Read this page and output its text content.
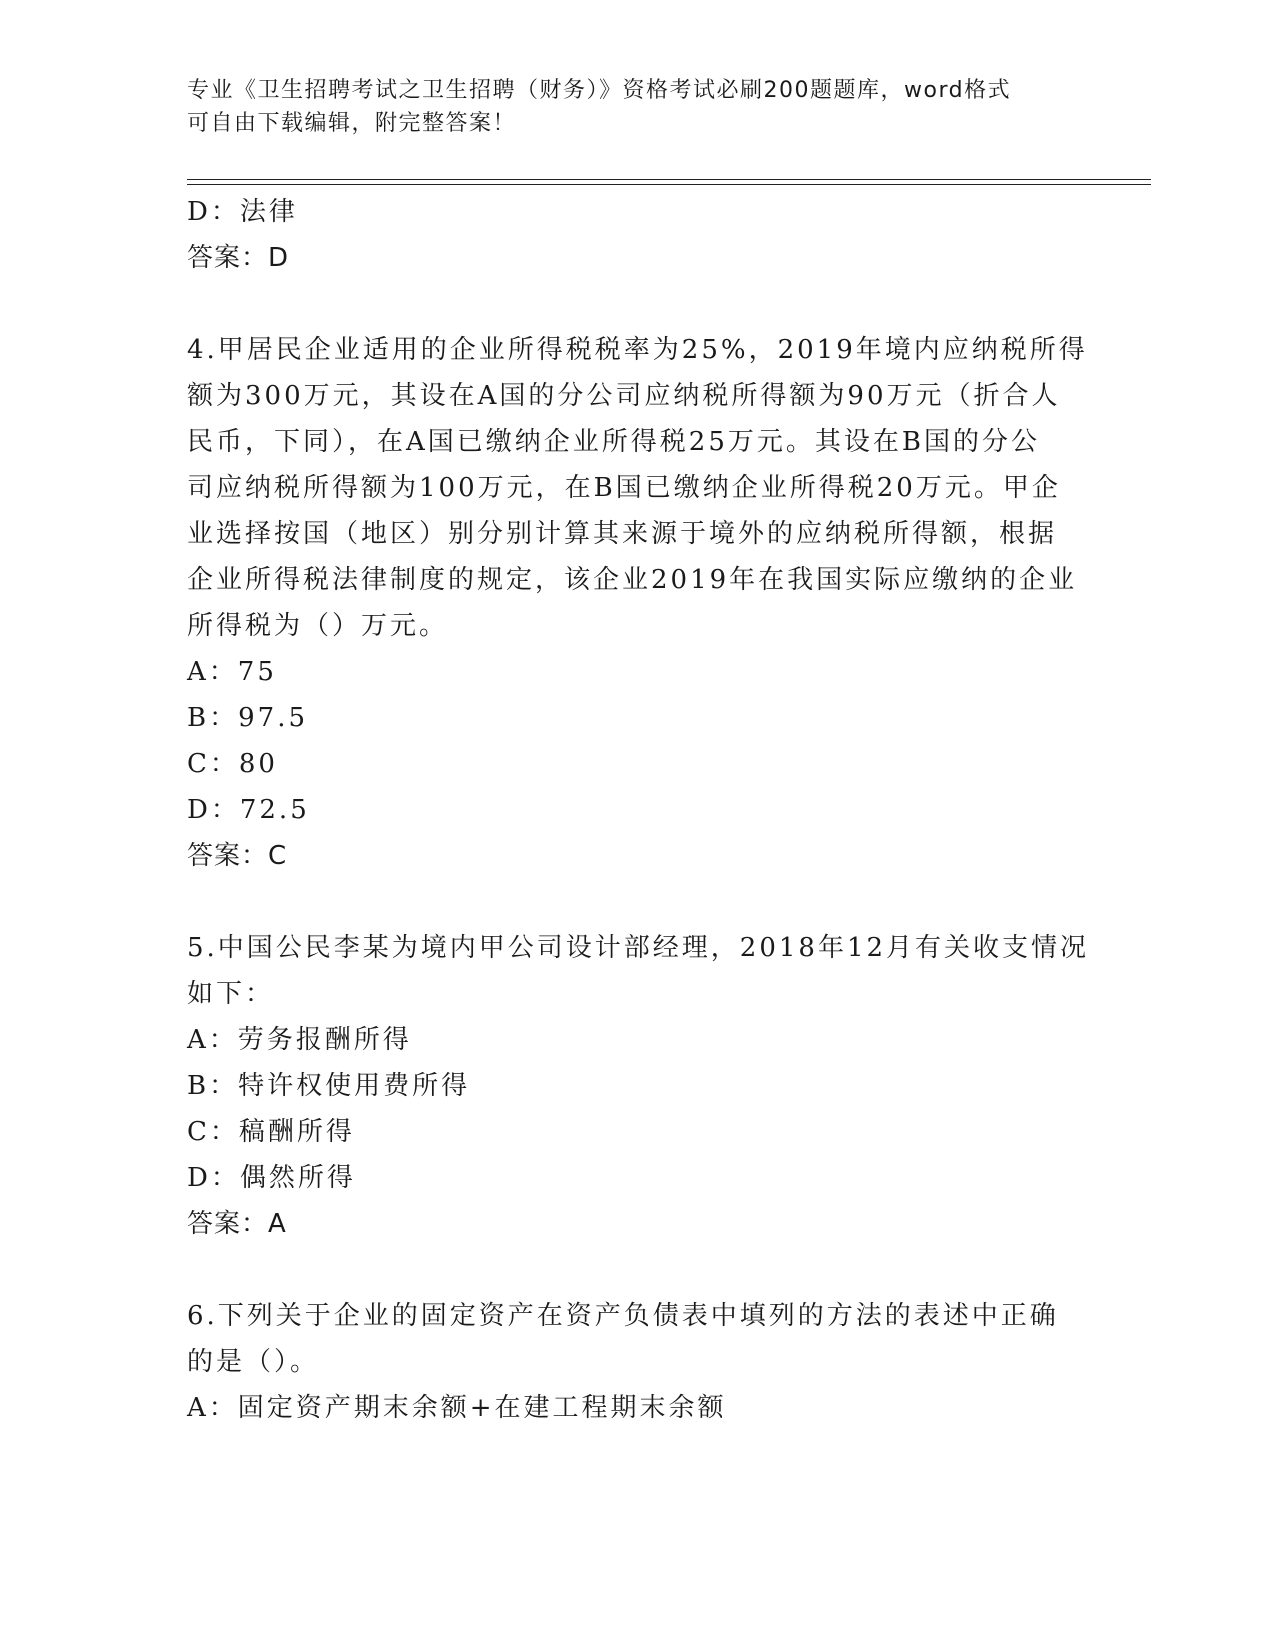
专业《卫生招聘考试之卫生招聘（财务）》资格考试必刷200题题库，word格式
可自由下载编辑，附完整答案！
D：法律
答案：D
4.甲居民企业适用的企业所得税税率为25%，2019年境内应纳税所得
额为300万元，其设在A国的分公司应纳税所得额为90万元（折合人
民币，下同），在A国已缴纳企业所得税25万元。其设在B国的分公
司应纳税所得额为100万元，在B国已缴纳企业所得税20万元。甲企
业选择按国（地区）别分别计算其来源于境外的应纳税所得额，根据
企业所得税法律制度的规定，该企业2019年在我国实际应缴纳的企业
所得税为（）万元。
A：75
B：97.5
C：80
D：72.5
答案：C
5.中国公民李某为境内甲公司设计部经理，2018年12月有关收支情况
如下：
A：劳务报酬所得
B：特许权使用费所得
C：稿酬所得
D：偶然所得
答案：A
6.下列关于企业的固定资产在资产负债表中填列的方法的表述中正确
的是（）。
A：固定资产期末余额+在建工程期末余额
